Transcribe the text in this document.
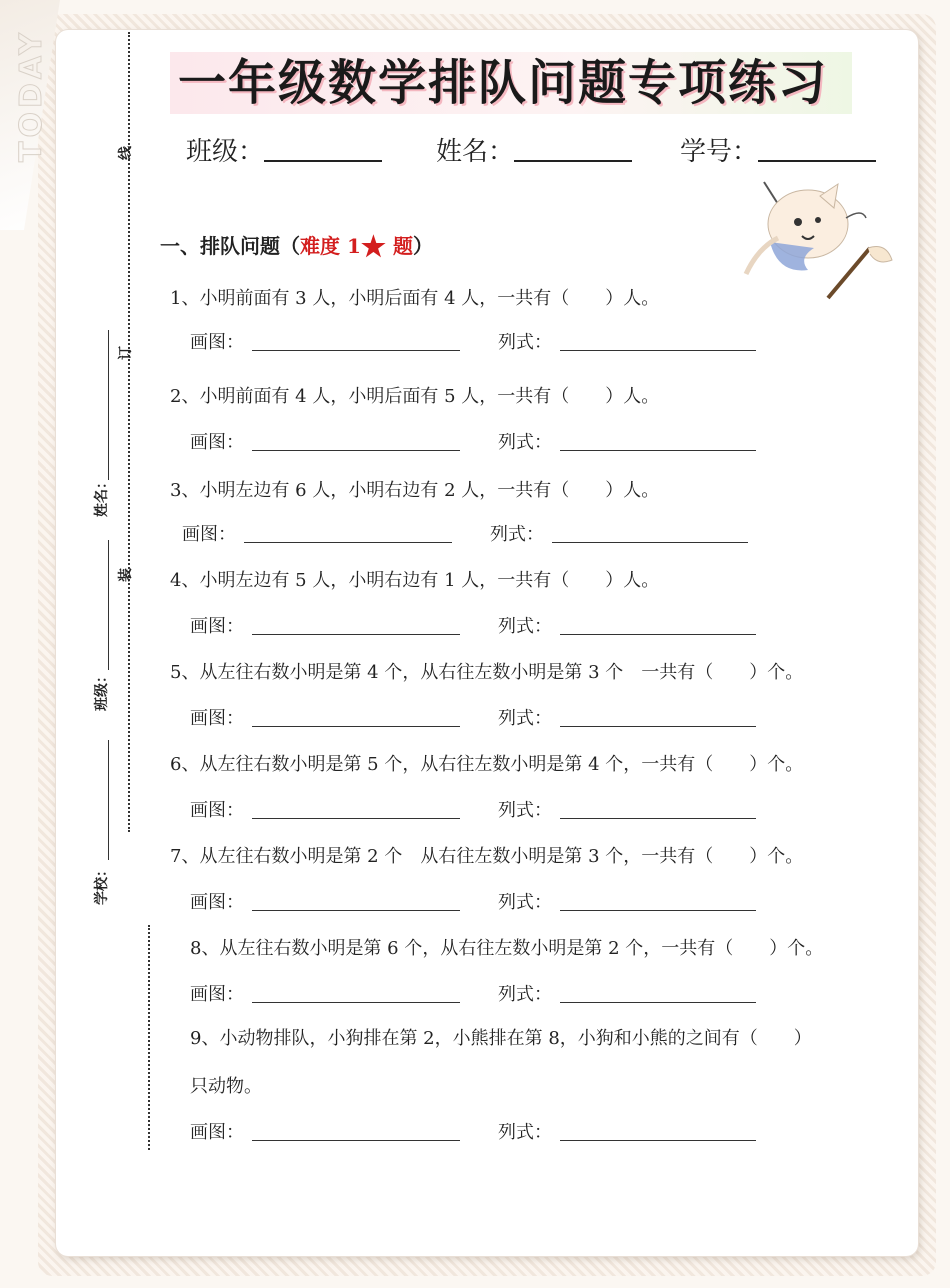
TODAY	线
订
装
姓名：
班级：
学校：
一年级数学排队问题专项练习
班级：	姓名：	学号：
一、排队问题（难度 1★ 题）
1、小明前面有 3 人，小明后面有 4 人，一共有（　　）人。
2、小明前面有 4 人，小明后面有 5 人，一共有（　　）人。
3、小明左边有 6 人，小明右边有 2 人，一共有（　　）人。
4、小明左边有 5 人，小明右边有 1 人，一共有（　　）人。
5、从左往右数小明是第 4 个，从右往左数小明是第 3 个　一共有（　　）个。
6、从左往右数小明是第 5 个，从右往左数小明是第 4 个，一共有（　　）个。
7、从左往右数小明是第 2 个　从右往左数小明是第 3 个，一共有（　　）个。
8、从左往右数小明是第 6 个，从右往左数小明是第 2 个，一共有（　　）个。
9、小动物排队，小狗排在第 2，小熊排在第 8，小狗和小熊的之间有（　　）
只动物。
画图：	列式：
画图：	列式：
画图：	列式：
画图：	列式：
画图：	列式：
画图：	列式：
画图：	列式：
画图：	列式：
画图：	列式：
